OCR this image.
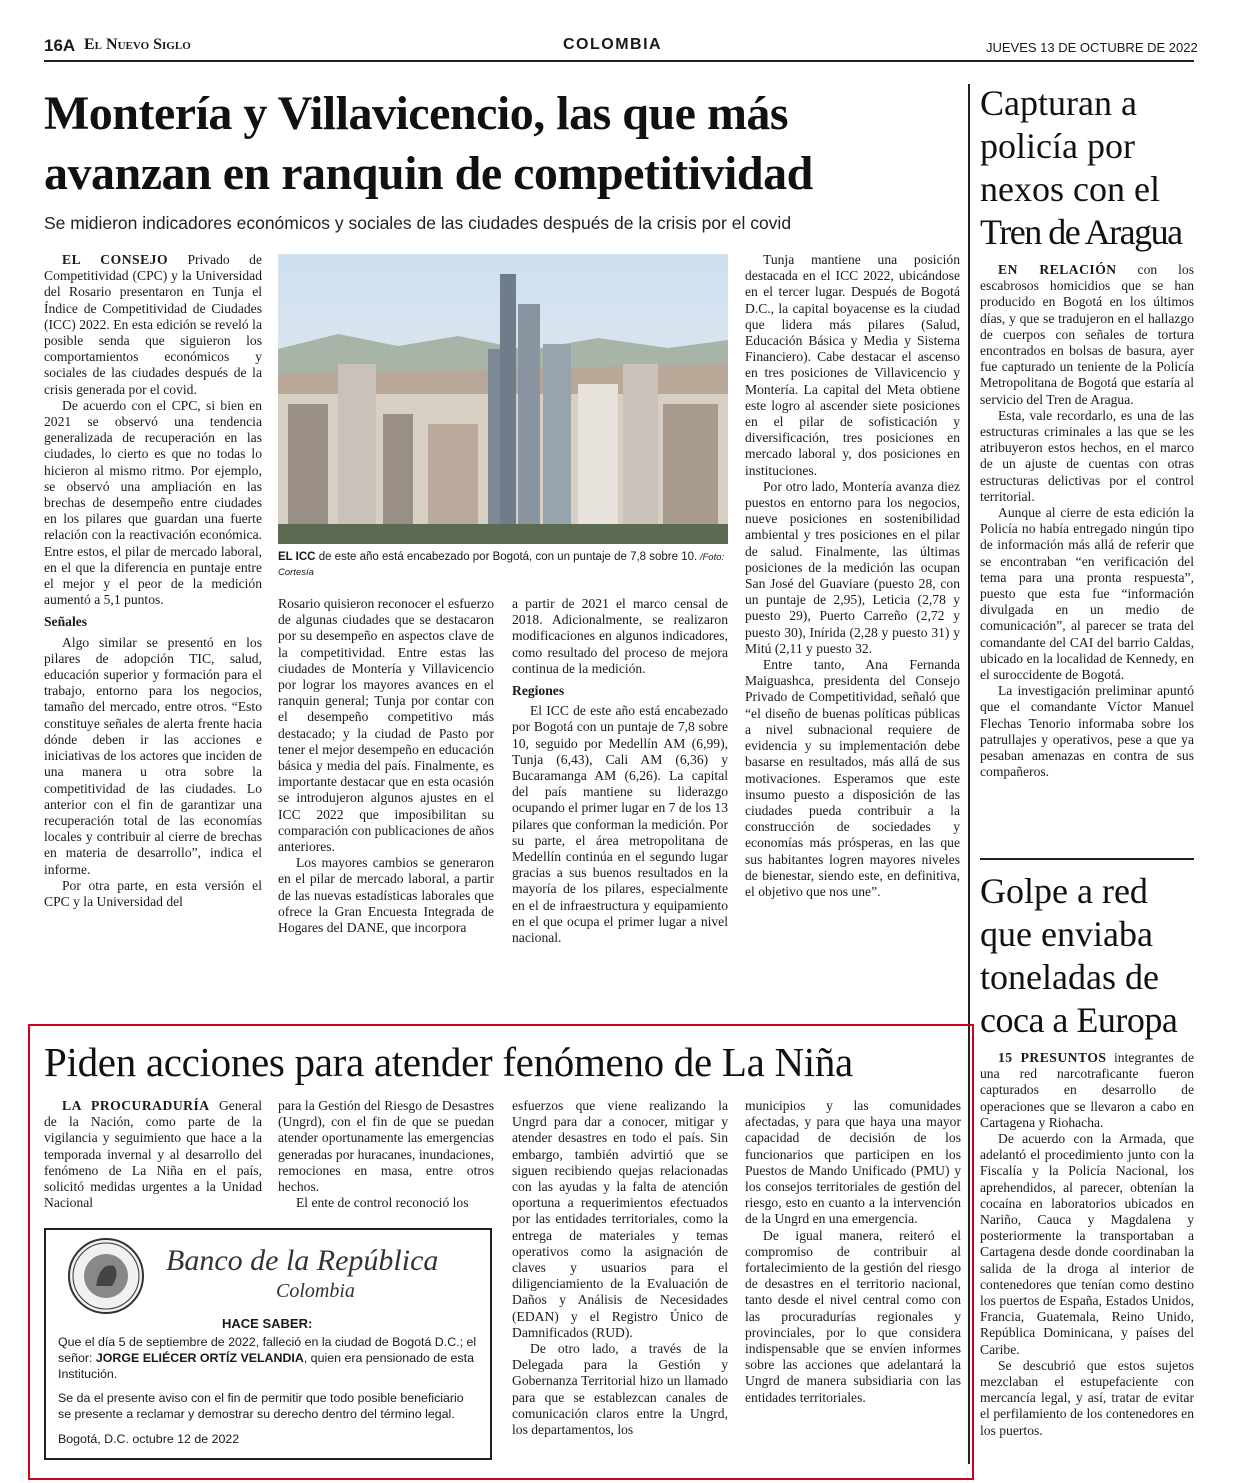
16A El Nuevo Siglo	COLOMBIA	JUEVES 13 DE OCTUBRE DE 2022
Montería y Villavicencio, las que más
avanzan en ranquin de competitividad
Se midieron indicadores económicos y sociales de las ciudades después de la crisis por el covid

EL CONSEJO Privado de Competitividad (CPC) y la Universidad del Rosario presentaron en Tunja el Índice de Competitividad de Ciudades (ICC) 2022. En esta edición se reveló la posible senda que siguieron los comportamientos económicos y sociales de las ciudades después de la crisis generada por el covid.

De acuerdo con el CPC, si bien en 2021 se observó una tendencia generalizada de recuperación en las ciudades, lo cierto es que no todas lo hicieron al mismo ritmo. Por ejemplo, se observó una ampliación en las brechas de desempeño entre ciudades en los pilares que guardan una fuerte relación con la reactivación económica. Entre estos, el pilar de mercado laboral, en el que la diferencia en puntaje entre el mejor y el peor de la medición aumentó a 5,1 puntos.

Señales

Algo similar se presentó en los pilares de adopción TIC, salud, educación superior y formación para el trabajo, entorno para los negocios, tamaño del mercado, entre otros. “Esto constituye señales de alerta frente hacia dónde deben ir las acciones e iniciativas de los actores que inciden de una manera u otra sobre la competitividad de las ciudades. Lo anterior con el fin de garantizar una recuperación total de las economías locales y contribuir al cierre de brechas en materia de desarrollo”, indica el informe.

Por otra parte, en esta versión el CPC y la Universidad del

EL ICC de este año está encabezado por Bogotá, con un puntaje de 7,8 sobre 10. /Foto: Cortesía

Rosario quisieron reconocer el esfuerzo de algunas ciudades que se destacaron por su desempeño en aspectos clave de la competitividad. Entre estas las ciudades de Montería y Villavicencio por lograr los mayores avances en el ranquin general; Tunja por contar con el desempeño competitivo más destacado; y la ciudad de Pasto por tener el mejor desempeño en educación básica y media del país. Finalmente, es importante destacar que en esta ocasión se introdujeron algunos ajustes en el ICC 2022 que imposibilitan su comparación con publicaciones de años anteriores.

Los mayores cambios se generaron en el pilar de mercado laboral, a partir de las nuevas estadísticas laborales que ofrece la Gran Encuesta Integrada de Hogares del DANE, que incorpora

a partir de 2021 el marco censal de 2018. Adicionalmente, se realizaron modificaciones en algunos indicadores, como resultado del proceso de mejora continua de la medición.

Regiones

El ICC de este año está encabezado por Bogotá con un puntaje de 7,8 sobre 10, seguido por Medellín AM (6,99), Tunja (6,43), Cali AM (6,36) y Bucaramanga AM (6,26). La capital del país mantiene su liderazgo ocupando el primer lugar en 7 de los 13 pilares que conforman la medición. Por su parte, el área metropolitana de Medellín continúa en el segundo lugar gracias a sus buenos resultados en la mayoría de los pilares, especialmente en el de infraestructura y equipamiento en el que ocupa el primer lugar a nivel nacional.

Tunja mantiene una posición destacada en el ICC 2022, ubicándose en el tercer lugar. Después de Bogotá D.C., la capital boyacense es la ciudad que lidera más pilares (Salud, Educación Básica y Media y Sistema Financiero). Cabe destacar el ascenso en tres posiciones de Villavicencio y Montería. La capital del Meta obtiene este logro al ascender siete posiciones en el pilar de sofisticación y diversificación, tres posiciones en mercado laboral y, dos posiciones en instituciones.

Por otro lado, Montería avanza diez puestos en entorno para los negocios, nueve posiciones en sostenibilidad ambiental y tres posiciones en el pilar de salud. Finalmente, las últimas posiciones de la medición las ocupan San José del Guaviare (puesto 28, con un puntaje de 2,95), Leticia (2,78 y puesto 29), Puerto Carreño (2,72 y puesto 30), Inírida (2,28 y puesto 31) y Mitú (2,11 y puesto 32.

Entre tanto, Ana Fernanda Maiguashca, presidenta del Consejo Privado de Competitividad, señaló que “el diseño de buenas políticas públicas a nivel subnacional requiere de evidencia y su implementación debe basarse en resultados, más allá de sus motivaciones. Esperamos que este insumo puesto a disposición de las ciudades pueda contribuir a la construcción de sociedades y economías más prósperas, en las que sus habitantes logren mayores niveles de bienestar, siendo este, en definitiva, el objetivo que nos une”.

Capturan a
policía por
nexos con el
Tren de Aragua

EN RELACIÓN con los escabrosos homicidios que se han producido en Bogotá en los últimos días, y que se tradujeron en el hallazgo de cuerpos con señales de tortura encontrados en bolsas de basura, ayer fue capturado un teniente de la Policía Metropolitana de Bogotá que estaría al servicio del Tren de Aragua.

Esta, vale recordarlo, es una de las estructuras criminales a las que se les atribuyeron estos hechos, en el marco de un ajuste de cuentas con otras estructuras delictivas por el control territorial.

Aunque al cierre de esta edición la Policía no había entregado ningún tipo de información más allá de referir que se encontraban “en verificación del tema para una pronta respuesta”, puesto que esta fue “información divulgada en un medio de comunicación”, al parecer se trata del comandante del CAI del barrio Caldas, ubicado en la localidad de Kennedy, en el suroccidente de Bogotá.

La investigación preliminar apuntó que el comandante Víctor Manuel Flechas Tenorio informaba sobre los patrullajes y operativos, pese a que ya pesaban amenazas en contra de sus compañeros.

Golpe a red
que enviaba
toneladas de
coca a Europa

15 PRESUNTOS integrantes de una red narcotraficante fueron capturados en desarrollo de operaciones que se llevaron a cabo en Cartagena y Riohacha.

De acuerdo con la Armada, que adelantó el procedimiento junto con la Fiscalía y la Policía Nacional, los aprehendidos, al parecer, obtenían la cocaína en laboratorios ubicados en Nariño, Cauca y Magdalena y posteriormente la transportaban a Cartagena desde donde coordinaban la salida de la droga al interior de contenedores que tenían como destino los puertos de España, Estados Unidos, Francia, Guatemala, Reino Unido, República Dominicana, y países del Caribe.

Se descubrió que estos sujetos mezclaban el estupefaciente con mercancía legal, y así, tratar de evitar el perfilamiento de los contenedores en los puertos.

Piden acciones para atender fenómeno de La Niña

LA PROCURADURÍA General de la Nación, como parte de la vigilancia y seguimiento que hace a la temporada invernal y al desarrollo del fenómeno de La Niña en el país, solicitó medidas urgentes a la Unidad Nacional

para la Gestión del Riesgo de Desastres (Ungrd), con el fin de que se puedan atender oportunamente las emergencias generadas por huracanes, inundaciones, remociones en masa, entre otros hechos.

El ente de control reconoció los

esfuerzos que viene realizando la Ungrd para dar a conocer, mitigar y atender desastres en todo el país. Sin embargo, también advirtió que se siguen recibiendo quejas relacionadas con las ayudas y la falta de atención oportuna a requerimientos efectuados por las entidades territoriales, como la entrega de materiales y temas operativos como la asignación de claves y usuarios para el diligenciamiento de la Evaluación de Daños y Análisis de Necesidades (EDAN) y el Registro Único de Damnificados (RUD).

De otro lado, a través de la Delegada para la Gestión y Gobernanza Territorial hizo un llamado para que se establezcan canales de comunicación claros entre la Ungrd, los departamentos, los

municipios y las comunidades afectadas, y para que haya una mayor capacidad de decisión de los funcionarios que participen en los Puestos de Mando Unificado (PMU) y los consejos territoriales de gestión del riesgo, esto en cuanto a la intervención de la Ungrd en una emergencia.

De igual manera, reiteró el compromiso de contribuir al fortalecimiento de la gestión del riesgo de desastres en el territorio nacional, tanto desde el nivel central como con las procuradurías regionales y provinciales, por lo que considera indispensable que se envíen informes sobre las acciones que adelantará la Ungrd de manera subsidiaria con las entidades territoriales.

Banco de la República
Colombia
HACE SABER:
Que el día 5 de septiembre de 2022, falleció en la ciudad de Bogotá D.C.; el señor: JORGE ELIÉCER ORTÍZ VELANDIA, quien era pensionado de esta Institución.
Se da el presente aviso con el fin de permitir que todo posible beneficiario se presente a reclamar y demostrar su derecho dentro del término legal.
Bogotá, D.C. octubre 12 de 2022
